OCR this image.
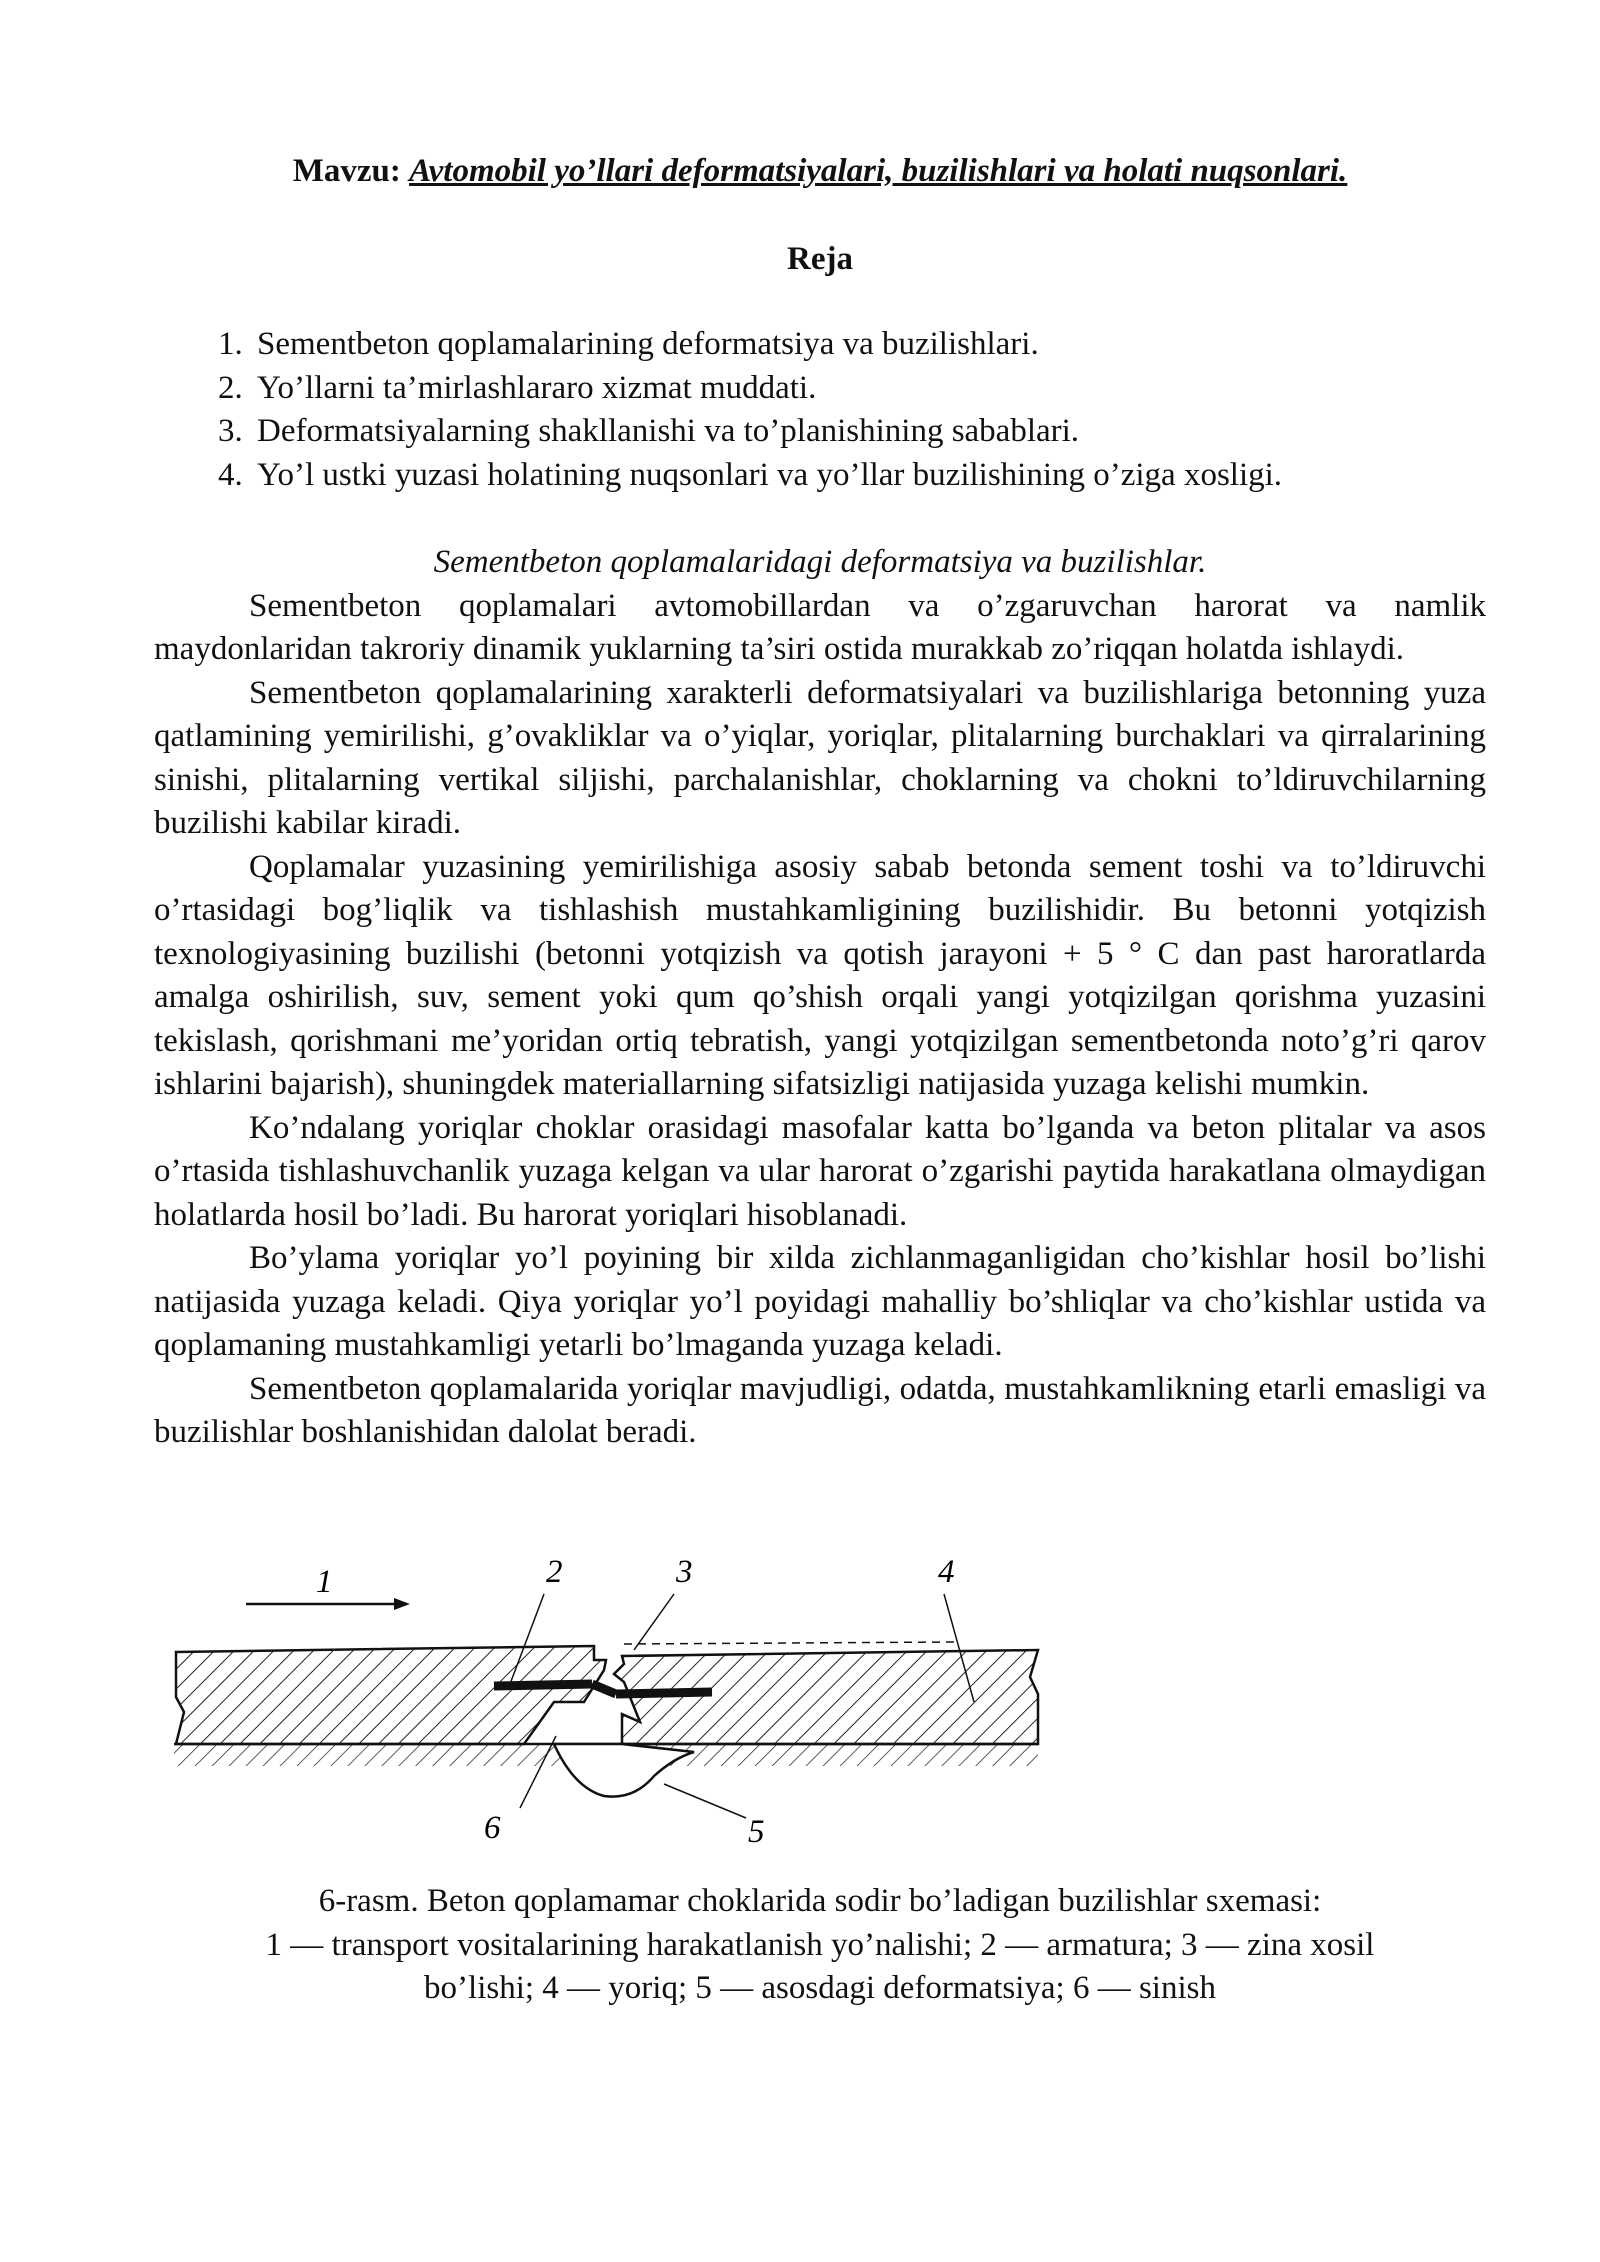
Mavzu: Avtomobil yo’llari deformatsiyalari, buzilishlari va holati nuqsonlari.

Reja
1. Sementbeton qoplamalarining deformatsiya va buzilishlari.
2. Yo’llarni ta’mirlashlararo xizmat muddati.
3. Deformatsiyalarning shakllanishi va to’planishining sabablari.
4. Yo’l ustki yuzasi holatining nuqsonlari va yo’llar buzilishining o’ziga xosligi.
Sementbeton qoplamalaridagi deformatsiya va buzilishlar.

Sementbeton qoplamalari avtomobillardan va o’zgaruvchan harorat va namlik maydonlaridan takroriy dinamik yuklarning ta’siri ostida murakkab zo’riqqan holatda ishlaydi.

Sementbeton qoplamalarining xarakterli deformatsiyalari va buzilishlariga betonning yuza qatlamining yemirilishi, g’ovakliklar va o’yiqlar, yoriqlar, plitalarning burchaklari va qirralarining sinishi, plitalarning vertikal siljishi, parchalanishlar, choklarning va chokni to’ldiruvchilarning buzilishi kabilar kiradi.

Qoplamalar yuzasining yemirilishiga asosiy sabab betonda sement toshi va to’ldiruvchi o’rtasidagi bog’liqlik va tishlashish mustahkamligining buzilishidir. Bu betonni yotqizish texnologiyasining buzilishi (betonni yotqizish va qotish jarayoni + 5 ° C dan past haroratlarda amalga oshirilish, suv, sement yoki qum qo’shish orqali yangi yotqizilgan qorishma yuzasini tekislash, qorishmani me’yoridan ortiq tebratish, yangi yotqizilgan sementbetonda noto’g’ri qarov ishlarini bajarish), shuningdek materiallarning sifatsizligi natijasida yuzaga kelishi mumkin.

Ko’ndalang yoriqlar choklar orasidagi masofalar katta bo’lganda va beton plitalar va asos o’rtasida tishlashuvchanlik yuzaga kelgan va ular harorat o’zgarishi paytida harakatlana olmaydigan holatlarda hosil bo’ladi. Bu harorat yoriqlari hisoblanadi.

Bo’ylama yoriqlar yo’l poyining bir xilda zichlanmaganligidan cho’kishlar hosil bo’lishi natijasida yuzaga keladi. Qiya yoriqlar yo’l poyidagi mahalliy bo’shliqlar va cho’kishlar ustida va qoplamaning mustahkamligi yetarli bo’lmaganda yuzaga keladi.

Sementbeton qoplamalarida yoriqlar mavjudligi, odatda, mustahkamlikning etarli emasligi va buzilishlar boshlanishidan dalolat beradi.

1	2	3	4
5
6
6-rasm. Beton qoplamamar choklarida sodir bo’ladigan buzilishlar sxemasi:
1 — transport vositalarining harakatlanish yo’nalishi; 2 — armatura; 3 — zina xosil
bo’lishi; 4 — yoriq; 5 — asosdagi deformatsiya; 6 — sinish
